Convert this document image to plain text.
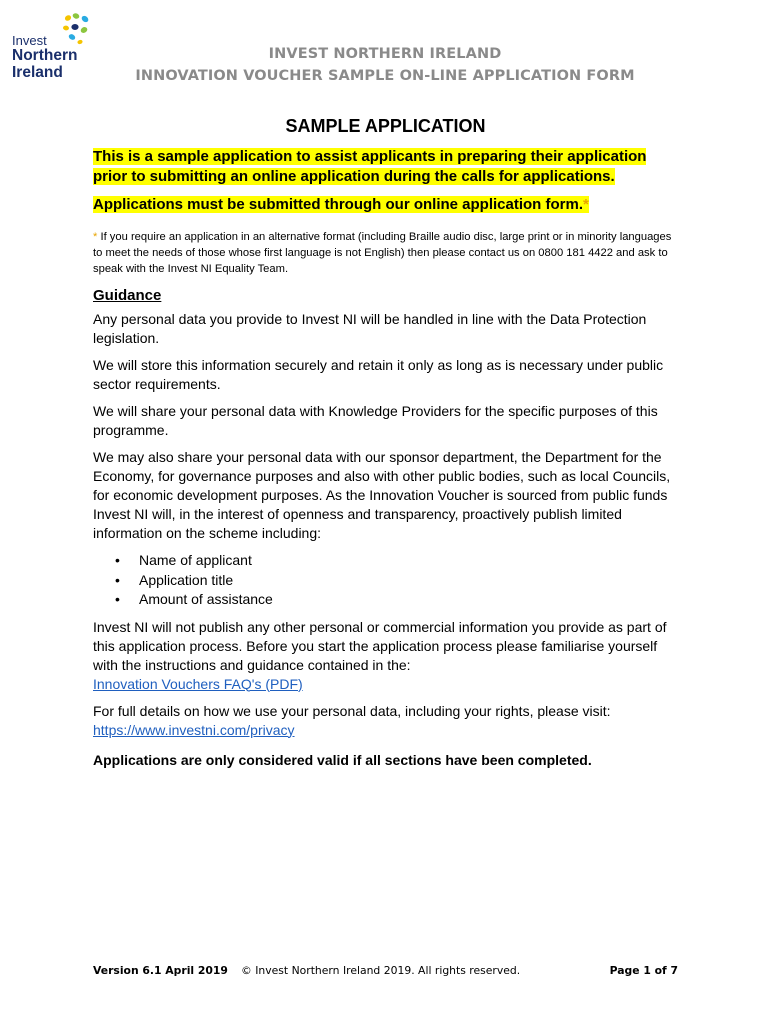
Invest
Northern
Ireland
INVEST NORTHERN IRELAND
INNOVATION VOUCHER SAMPLE ON-LINE APPLICATION FORM
SAMPLE APPLICATION

This is a sample application to assist applicants in preparing their application prior to submitting an online application during the calls for applications.

Applications must be submitted through our online application form.*

* If you require an application in an alternative format (including Braille audio disc, large print or in minority languages to meet the needs of those whose first language is not English) then please contact us on 0800 181 4422 and ask to speak with the Invest NI Equality Team.

Guidance

Any personal data you provide to Invest NI will be handled in line with the Data Protection legislation.

We will store this information securely and retain it only as long as is necessary under public sector requirements.

We will share your personal data with Knowledge Providers for the specific purposes of this programme.

We may also share your personal data with our sponsor department, the Department for the Economy, for governance purposes and also with other public bodies, such as local Councils, for economic development purposes. As the Innovation Voucher is sourced from public funds Invest NI will, in the interest of openness and transparency, proactively publish limited information on the scheme including:

• Name of applicant
• Application title
• Amount of assistance

Invest NI will not publish any other personal or commercial information you provide as part of this application process. Before you start the application process please familiarise yourself with the instructions and guidance contained in the:
Innovation Vouchers FAQ's (PDF)

For full details on how we use your personal data, including your rights, please visit:
https://www.investni.com/privacy

Applications are only considered valid if all sections have been completed.

Version 6.1 April 2019 © Invest Northern Ireland 2019. All rights reserved.	Page 1 of 7
